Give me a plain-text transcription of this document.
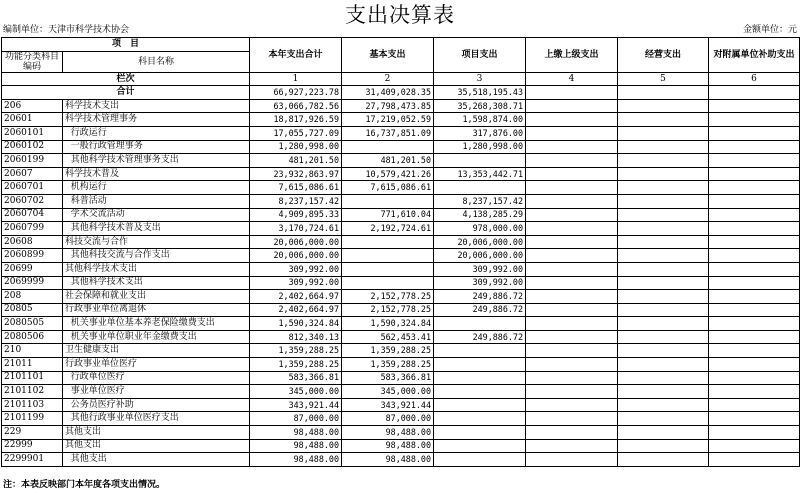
支出决算表
编制单位：天津市科学技术协会	金额单位：元
项　目		本年支出合计	基本支出	项目支出	上缴上级支出	经营支出	对附属单位补助支出
功能分类科目编码	科目名称						
栏次		1	2	3	4	5	6
合计		66,927,223.78	31,409,028.35	35,518,195.43			
206	科学技术支出	63,066,782.56	27,798,473.85	35,268,308.71			
20601	科学技术管理事务	18,817,926.59	17,219,052.59	1,598,874.00			
2060101	行政运行	17,055,727.09	16,737,851.09	317,876.00			
2060102	一般行政管理事务	1,280,998.00		1,280,998.00			
2060199	其他科学技术管理事务支出	481,201.50	481,201.50				
20607	科学技术普及	23,932,863.97	10,579,421.26	13,353,442.71			
2060701	机构运行	7,615,086.61	7,615,086.61				
2060702	科普活动	8,237,157.42		8,237,157.42			
2060704	学术交流活动	4,909,895.33	771,610.04	4,138,285.29			
2060799	其他科学技术普及支出	3,170,724.61	2,192,724.61	978,000.00			
20608	科技交流与合作	20,006,000.00		20,006,000.00			
2060899	其他科技交流与合作支出	20,006,000.00		20,006,000.00			
20699	其他科学技术支出	309,992.00		309,992.00			
2069999	其他科学技术支出	309,992.00		309,992.00			
208	社会保障和就业支出	2,402,664.97	2,152,778.25	249,886.72			
20805	行政事业单位离退休	2,402,664.97	2,152,778.25	249,886.72			
2080505	机关事业单位基本养老保险缴费支出	1,590,324.84	1,590,324.84				
2080506	机关事业单位职业年金缴费支出	812,340.13	562,453.41	249,886.72			
210	卫生健康支出	1,359,288.25	1,359,288.25				
21011	行政事业单位医疗	1,359,288.25	1,359,288.25				
2101101	行政单位医疗	583,366.81	583,366.81				
2101102	事业单位医疗	345,000.00	345,000.00				
2101103	公务员医疗补助	343,921.44	343,921.44				
2101199	其他行政事业单位医疗支出	87,000.00	87,000.00				
229	其他支出	98,488.00	98,488.00				
22999	其他支出	98,488.00	98,488.00				
2299901	其他支出	98,488.00	98,488.00				
注：本表反映部门本年度各项支出情况。
